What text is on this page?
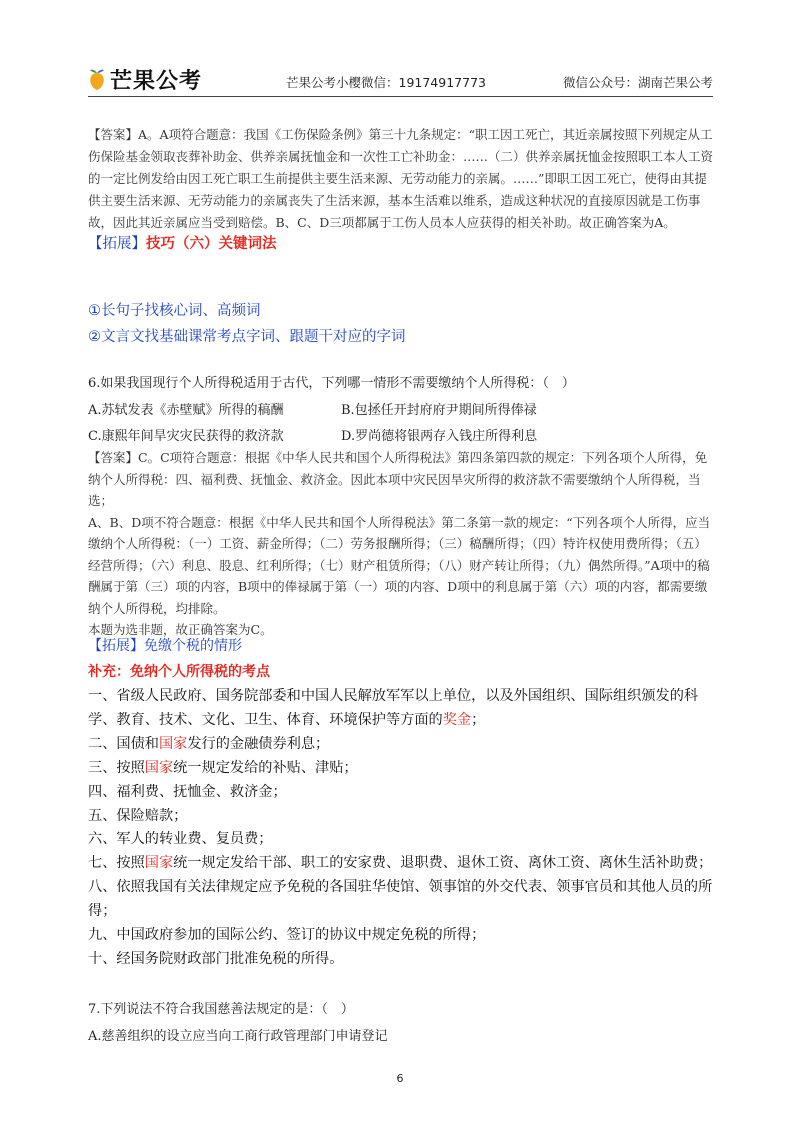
芒果公考	芒果公考小樱微信：19174917773	微信公众号：湖南芒果公考
【答案】A。A项符合题意：我国《工伤保险条例》第三十九条规定：“职工因工死亡，其近亲属按照下列规定从工伤保险基金领取丧葬补助金、供养亲属抚恤金和一次性工亡补助金：……（二）供养亲属抚恤金按照职工本人工资的一定比例发给由因工死亡职工生前提供主要生活来源、无劳动能力的亲属。……”即职工因工死亡，使得由其提供主要生活来源、无劳动能力的亲属丧失了生活来源，基本生活难以维系，造成这种状况的直接原因就是工伤事故，因此其近亲属应当受到赔偿。B、C、D三项都属于工伤人员本人应获得的相关补助。故正确答案为A。
【拓展】技巧（六）关键词法
①长句子找核心词、高频词
②文言文找基础课常考点字词、跟题干对应的字词
6.如果我国现行个人所得税适用于古代，下列哪一情形不需要缴纳个人所得税：（　）
A.苏轼发表《赤壁赋》所得的稿酬	B.包拯任开封府府尹期间所得俸禄
C.康熙年间旱灾灾民获得的救济款	D.罗尚德将银两存入钱庄所得利息
【答案】C。C项符合题意：根据《中华人民共和国个人所得税法》第四条第四款的规定：下列各项个人所得，免纳个人所得税：四、福利费、抚恤金、救济金。因此本项中灾民因旱灾所得的救济款不需要缴纳个人所得税，当选；
A、B、D项不符合题意：根据《中华人民共和国个人所得税法》第二条第一款的规定：“下列各项个人所得，应当缴纳个人所得税：（一）工资、薪金所得；（二）劳务报酬所得；（三）稿酬所得；（四）特许权使用费所得；（五）经营所得；（六）利息、股息、红利所得；（七）财产租赁所得；（八）财产转让所得；（九）偶然所得。”A项中的稿酬属于第（三）项的内容，B项中的俸禄属于第（一）项的内容、D项中的利息属于第（六）项的内容，都需要缴纳个人所得税，均排除。
本题为选非题，故正确答案为C。
【拓展】免缴个税的情形
补充：免纳个人所得税的考点
一、省级人民政府、国务院部委和中国人民解放军军以上单位，以及外国组织、国际组织颁发的科学、教育、技术、文化、卫生、体育、环境保护等方面的奖金；
二、国债和国家发行的金融债券利息；
三、按照国家统一规定发给的补贴、津贴；
四、福利费、抚恤金、救济金；
五、保险赔款；
六、军人的转业费、复员费；
七、按照国家统一规定发给干部、职工的安家费、退职费、退休工资、离休工资、离休生活补助费；
八、依照我国有关法律规定应予免税的各国驻华使馆、领事馆的外交代表、领事官员和其他人员的所得；
九、中国政府参加的国际公约、签订的协议中规定免税的所得；
十、经国务院财政部门批准免税的所得。
7.下列说法不符合我国慈善法规定的是：（　）
A.慈善组织的设立应当向工商行政管理部门申请登记
6
